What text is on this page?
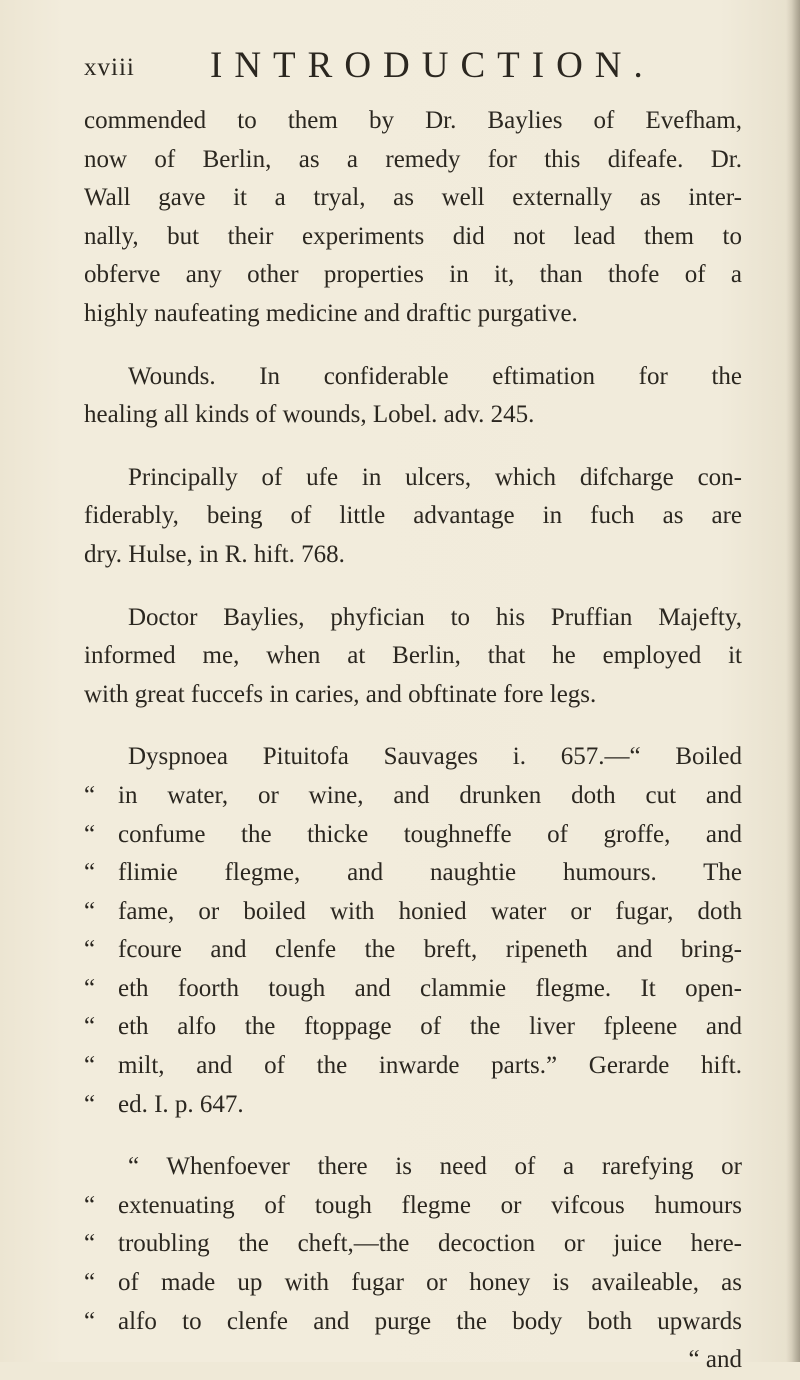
xviii INTRODUCTION.
commended to them by Dr. Baylies of Evefham,
now of Berlin, as a remedy for this difeafe. Dr.
Wall gave it a tryal, as well externally as inter-
nally, but their experiments did not lead them to
obferve any other properties in it, than thofe of a
highly naufeating medicine and draftic purgative.
Wounds. In confiderable eftimation for the
healing all kinds of wounds, Lobel. adv. 245.
Principally of ufe in ulcers, which difcharge con-
fiderably, being of little advantage in fuch as are
dry. Hulse, in R. hift. 768.
Doctor Baylies, phyfician to his Pruffian Majefty,
informed me, when at Berlin, that he employed it
with great fuccefs in caries, and obftinate fore legs.
Dyspnoea Pituitofa Sauvages i. 657.—“ Boiled
“ in water, or wine, and drunken doth cut and
“ confume the thicke toughneffe of groffe, and
“ flimie flegme, and naughtie humours. The
“ fame, or boiled with honied water or fugar, doth
“ fcoure and clenfe the breft, ripeneth and bring-
“ eth foorth tough and clammie flegme. It open-
“ eth alfo the ftoppage of the liver fpleene and
“ milt, and of the inwarde parts.” Gerarde hift.
“ ed. I. p. 647.
“ Whenfoever there is need of a rarefying or
“ extenuating of tough flegme or vifcous humours
“ troubling the cheft,—the decoction or juice here-
“ of made up with fugar or honey is availeable, as
“ alfo to clenfe and purge the body both upwards
“ and
